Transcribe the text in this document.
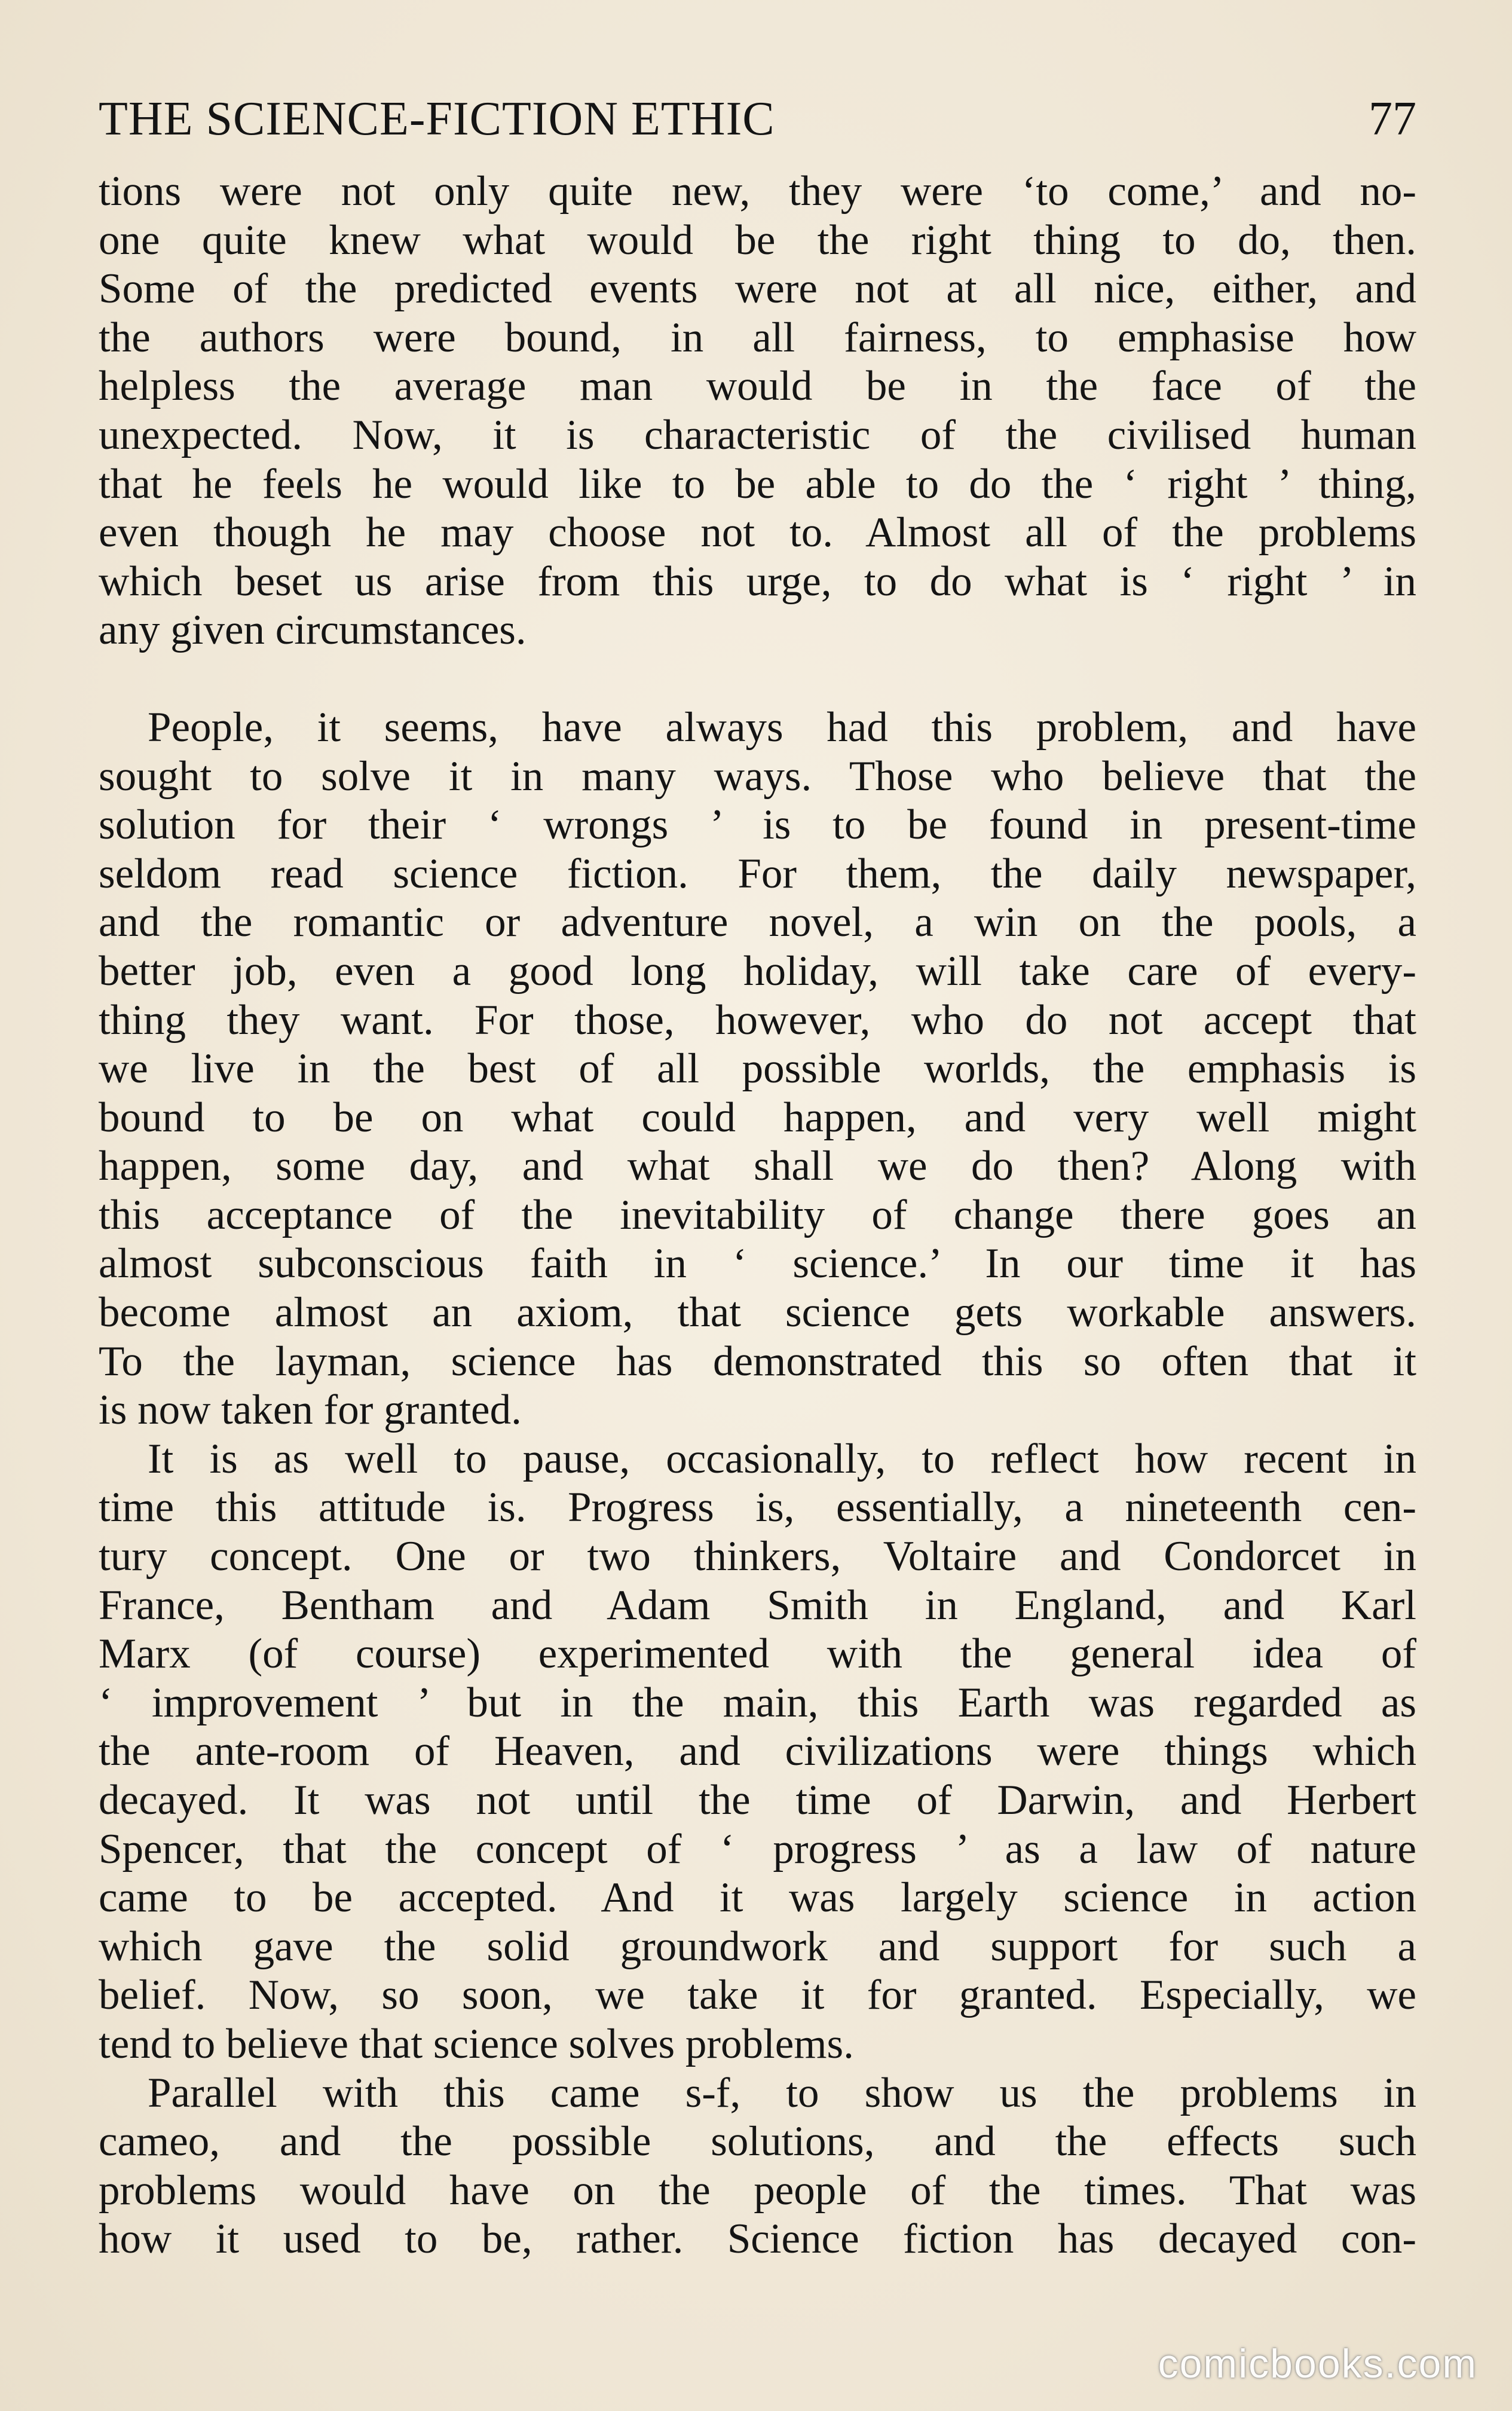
THE SCIENCE-FICTION ETHIC	77

tions were not only quite new, they were ‘to come,’ and no-
one quite knew what would be the right thing to do, then.
Some of the predicted events were not at all nice, either, and
the authors were bound, in all fairness, to emphasise how
helpless the average man would be in the face of the
unexpected. Now, it is characteristic of the civilised human
that he feels he would like to be able to do the ‘ right ’ thing,
even though he may choose not to. Almost all of the problems
which beset us arise from this urge, to do what is ‘ right ’ in
any given circumstances.

People, it seems, have always had this problem, and have
sought to solve it in many ways. Those who believe that the
solution for their ‘ wrongs ’ is to be found in present-time
seldom read science fiction. For them, the daily newspaper,
and the romantic or adventure novel, a win on the pools, a
better job, even a good long holiday, will take care of every-
thing they want. For those, however, who do not accept that
we live in the best of all possible worlds, the emphasis is
bound to be on what could happen, and very well might
happen, some day, and what shall we do then? Along with
this acceptance of the inevitability of change there goes an
almost subconscious faith in ‘ science.’ In our time it has
become almost an axiom, that science gets workable answers.
To the layman, science has demonstrated this so often that it
is now taken for granted.

It is as well to pause, occasionally, to reflect how recent in
time this attitude is. Progress is, essentially, a nineteenth cen-
tury concept. One or two thinkers, Voltaire and Condorcet in
France, Bentham and Adam Smith in England, and Karl
Marx (of course) experimented with the general idea of
‘ improvement ’ but in the main, this Earth was regarded as
the ante-room of Heaven, and civilizations were things which
decayed. It was not until the time of Darwin, and Herbert
Spencer, that the concept of ‘ progress ’ as a law of nature
came to be accepted. And it was largely science in action
which gave the solid groundwork and support for such a
belief. Now, so soon, we take it for granted. Especially, we
tend to believe that science solves problems.

Parallel with this came s-f, to show us the problems in
cameo, and the possible solutions, and the effects such
problems would have on the people of the times. That was
how it used to be, rather. Science fiction has decayed con-

comicbooks.com
